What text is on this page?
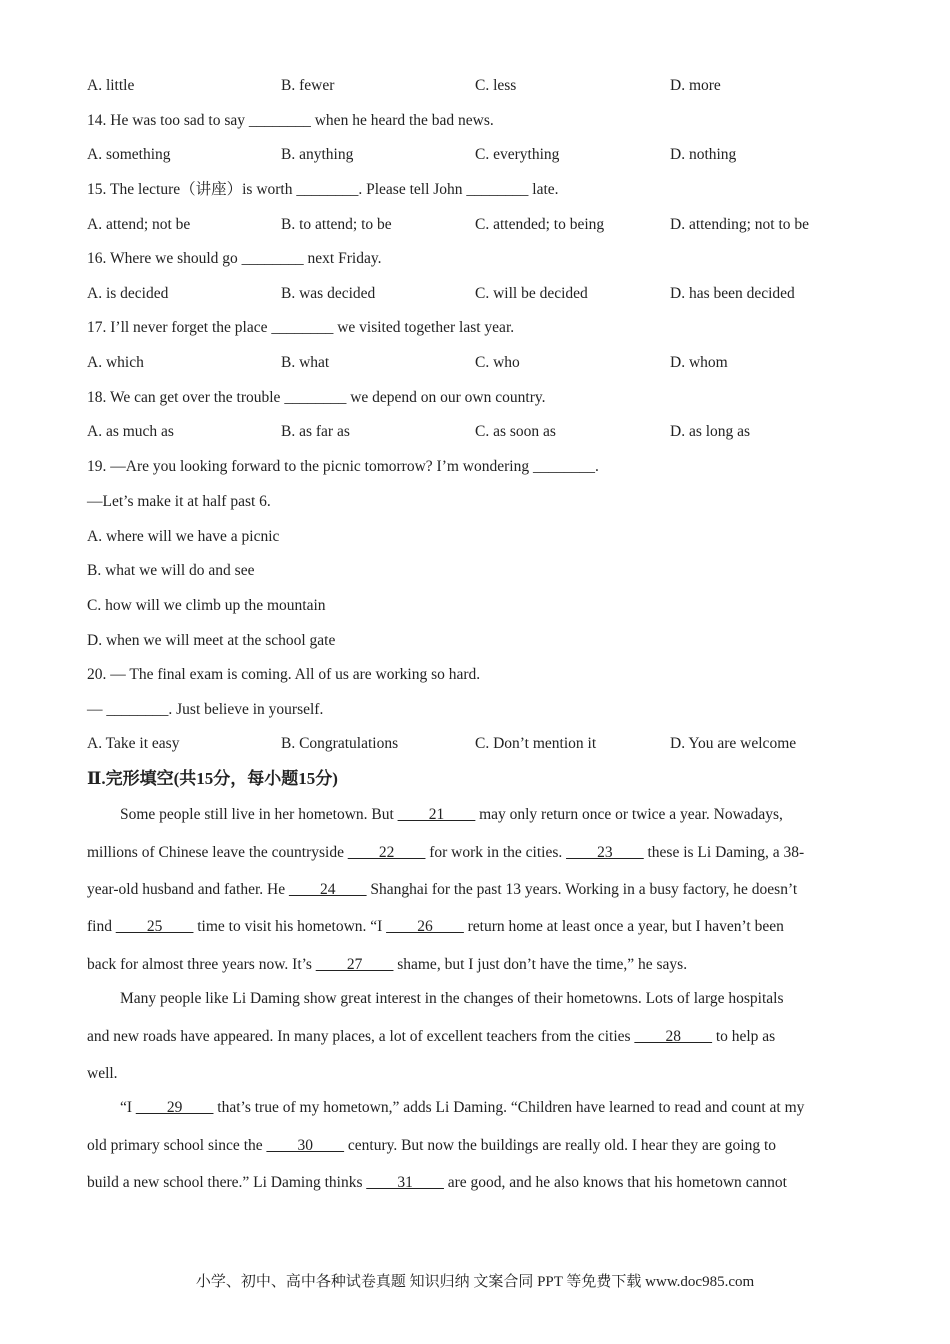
A. little	B. fewer	C. less	D. more
14. He was too sad to say ________ when he heard the bad news.
A. something	B. anything	C. everything	D. nothing
15. The lecture（讲座）is worth ________. Please tell John ________ late.
A. attend; not be	B. to attend; to be	C. attended; to being	D. attending; not to be
16. Where we should go ________ next Friday.
A. is decided	B. was decided	C. will be decided	D. has been decided
17. I’ll never forget the place ________ we visited together last year.
A. which	B. what	C. who	D. whom
18. We can get over the trouble ________ we depend on our own country.
A. as much as	B. as far as	C. as soon as	D. as long as
19. —Are you looking forward to the picnic tomorrow? I’m wondering ________.
—Let’s make it at half past 6.
A. where will we have a picnic
B. what we will do and see
C. how will we climb up the mountain
D. when we will meet at the school gate
20. — The final exam is coming. All of us are working so hard.
— ________. Just believe in yourself.
A. Take it easy	B. Congratulations	C. Don’t mention it	D. You are welcome
Ⅱ.完形填空(共15分，每小题15分)
Some people still live in her hometown. But ____21____ may only return once or twice a year. Nowadays,
millions of Chinese leave the countryside ____22____ for work in the cities. ____23____ these is Li Daming, a 38-
year-old husband and father. He ____24____ Shanghai for the past 13 years. Working in a busy factory, he doesn’t
find ____25____ time to visit his hometown. “I ____26____ return home at least once a year, but I haven’t been
back for almost three years now. It’s ____27____ shame, but I just don’t have the time,” he says.
Many people like Li Daming show great interest in the changes of their hometowns. Lots of large hospitals
and new roads have appeared. In many places, a lot of excellent teachers from the cities ____28____ to help as
well.
“I ____29____ that’s true of my hometown,” adds Li Daming. “Children have learned to read and count at my
old primary school since the ____30____ century. But now the buildings are really old. I hear they are going to
build a new school there.” Li Daming thinks ____31____ are good, and he also knows that his hometown cannot
小学、初中、高中各种试卷真题 知识归纳 文案合同 PPT 等免费下载 www.doc985.com
